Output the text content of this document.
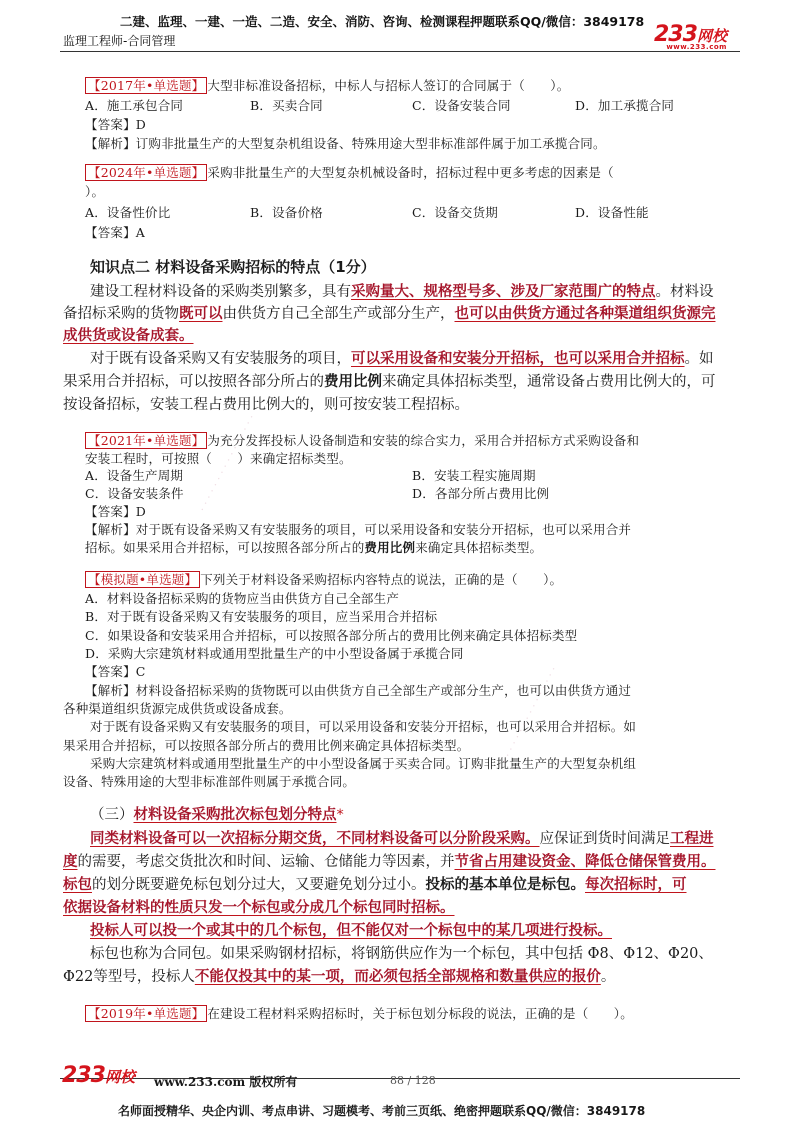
二建、监理、一建、一造、二造、安全、消防、咨询、检测课程押题联系QQ/微信：3849178
监理工程师-合同管理	233网校
www.233.com
【2017年•单选题】 大型非标准设备招标，中标人与招标人签订的合同属于（　　）。
A．施工承包合同	B．买卖合同	C．设备安装合同	D．加工承揽合同
【答案】D
【解析】订购非批量生产的大型复杂机组设备、特殊用途大型非标准部件属于加工承揽合同。
【2024年•单选题】 采购非批量生产的大型复杂机械设备时，招标过程中更多考虑的因素是（
）。
A．设备性价比	B．设备价格	C．设备交货期	D．设备性能
【答案】A
知识点二 材料设备采购招标的特点（1分）
建设工程材料设备的采购类别繁多，具有采购量大、规格型号多、涉及厂家范围广的特点。材料设
备招标采购的货物既可以由供货方自己全部生产或部分生产，也可以由供货方通过各种渠道组织货源完
成供货或设备成套。
对于既有设备采购又有安装服务的项目，可以采用设备和安装分开招标，也可以采用合并招标。如
果采用合并招标，可以按照各部分所占的费用比例来确定具体招标类型，通常设备占费用比例大的，可
按设备招标，安装工程占费用比例大的，则可按安装工程招标。
【2021年•单选题】 为充分发挥投标人设备制造和安装的综合实力，采用合并招标方式采购设备和
安装工程时，可按照（　　）来确定招标类型。
A．设备生产周期	B．安装工程实施周期
C．设备安装条件	D．各部分所占费用比例
【答案】D
【解析】对于既有设备采购又有安装服务的项目，可以采用设备和安装分开招标，也可以采用合并
招标。如果采用合并招标，可以按照各部分所占的费用比例来确定具体招标类型。
【模拟题•单选题】 下列关于材料设备采购招标内容特点的说法，正确的是（　　）。
A．材料设备招标采购的货物应当由供货方自己全部生产
B．对于既有设备采购又有安装服务的项目，应当采用合并招标
C．如果设备和安装采用合并招标，可以按照各部分所占的费用比例来确定具体招标类型
D．采购大宗建筑材料或通用型批量生产的中小型设备属于承揽合同
【答案】C
【解析】材料设备招标采购的货物既可以由供货方自己全部生产或部分生产，也可以由供货方通过
各种渠道组织货源完成供货或设备成套。
对于既有设备采购又有安装服务的项目，可以采用设备和安装分开招标，也可以采用合并招标。如
果采用合并招标，可以按照各部分所占的费用比例来确定具体招标类型。
采购大宗建筑材料或通用型批量生产的中小型设备属于买卖合同。订购非批量生产的大型复杂机组
设备、特殊用途的大型非标准部件则属于承揽合同。
（三）材料设备采购批次标包划分特点*
同类材料设备可以一次招标分期交货，不同材料设备可以分阶段采购。应保证到货时间满足工程进
度的需要，考虑交货批次和时间、运输、仓储能力等因素，并节省占用建设资金、降低仓储保管费用。
标包的划分既要避免标包划分过大，又要避免划分过小。投标的基本单位是标包。每次招标时，可
依据设备材料的性质只发一个标包或分成几个标包同时招标。
投标人可以投一个或其中的几个标包，但不能仅对一个标包中的某几项进行投标。
标包也称为合同包。如果采购钢材招标，将钢筋供应作为一个标包，其中包括 Φ8、Φ12、Φ20、
Φ22等型号，投标人不能仅投其中的某一项，而必须包括全部规格和数量供应的报价。
【2019年•单选题】 在建设工程材料采购招标时，关于标包划分标段的说法，正确的是（　　）。
· · · · · · · · · · · · · · · ·
· · · · · · · · · · · · · · · ·
233网校 www.233.com 版权所有	88 / 128
名师面授精华、央企内训、考点串讲、习题模考、考前三页纸、绝密押题联系QQ/微信：3849178
